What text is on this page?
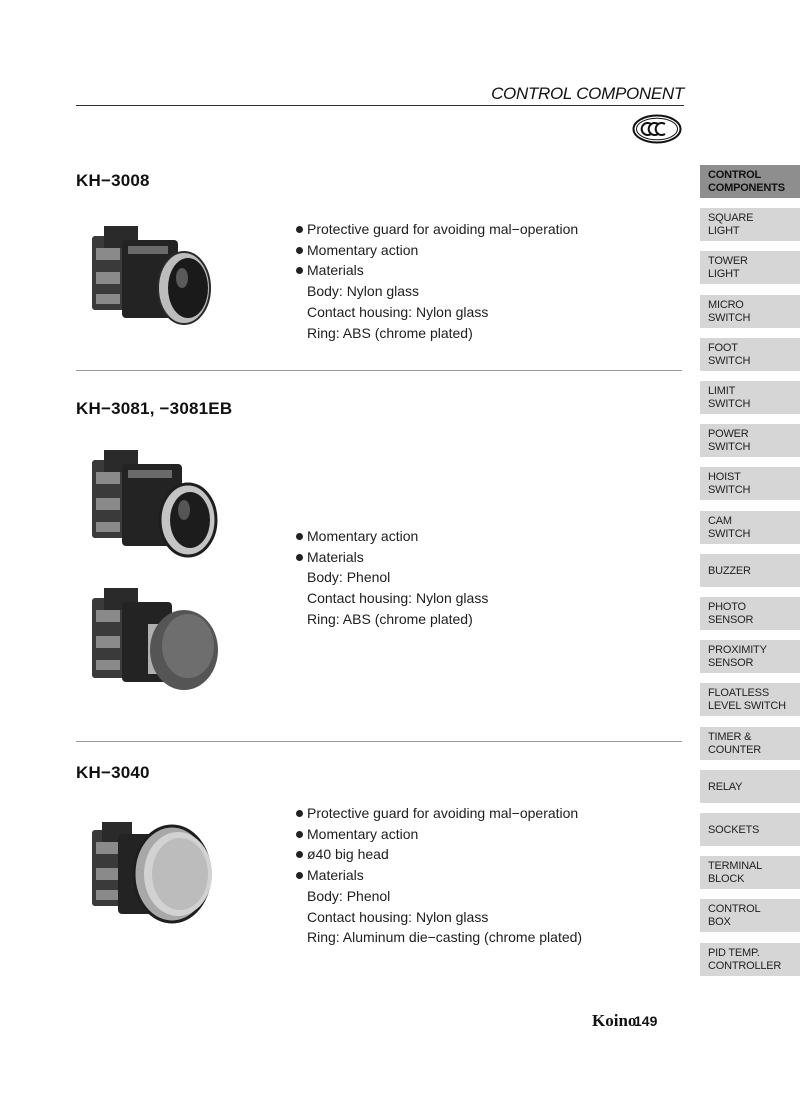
CONTROL COMPONENT
KH−3008
Protective guard for avoiding mal−operation
Momentary action
Materials
Body: Nylon glass
Contact housing: Nylon glass
Ring: ABS (chrome plated)
KH−3081, −3081EB
Momentary action
Materials
Body: Phenol
Contact housing: Nylon glass
Ring: ABS (chrome plated)
KH−3040
Protective guard for avoiding mal−operation
Momentary action
ø40 big head
Materials
Body: Phenol
Contact housing: Nylon glass
Ring: Aluminum die−casting (chrome plated)
CONTROL
COMPONENTS
SQUARE
LIGHT
TOWER
LIGHT
MICRO
SWITCH
FOOT
SWITCH
LIMIT
SWITCH
POWER
SWITCH
HOIST
SWITCH
CAM
SWITCH
BUZZER
PHOTO
SENSOR
PROXIMITY
SENSOR
FLOATLESS
LEVEL SWITCH
TIMER &
COUNTER
RELAY
SOCKETS
TERMINAL
BLOCK
CONTROL
BOX
PID TEMP.
CONTROLLER
Koino
149
